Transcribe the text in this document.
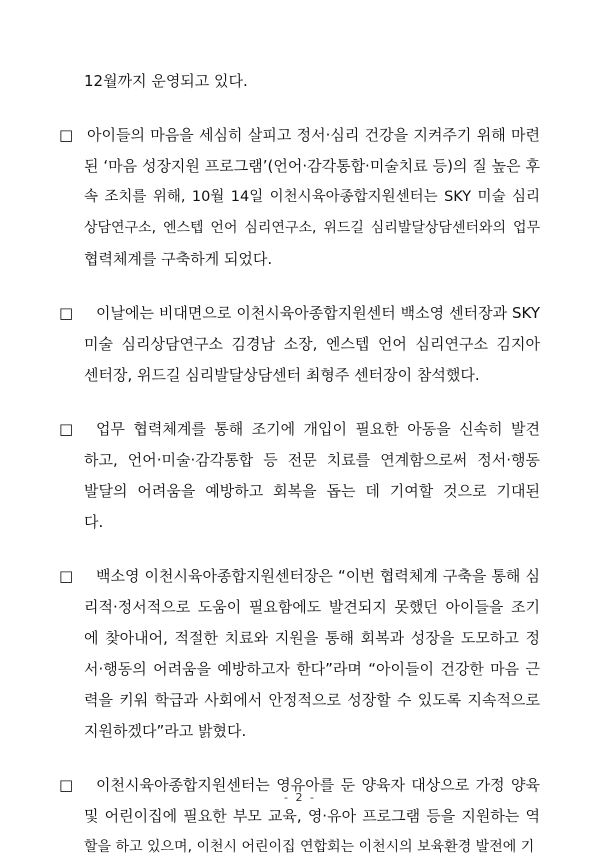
12월까지 운영되고 있다.
□ 아이들의 마음을 세심히 살피고 정서·심리 건강을 지켜주기 위해 마련
된 ‘마음 성장지원 프로그램’(언어·감각통합·미술치료 등)의 질 높은 후
속 조치를 위해, 10월 14일 이천시육아종합지원센터는 SKY 미술 심리
상담연구소, 엔스텝 언어 심리연구소, 위드길 심리발달상담센터와의 업무
협력체계를 구축하게 되었다.
□ 이날에는 비대면으로 이천시육아종합지원센터 백소영 센터장과 SKY
미술 심리상담연구소 김경남 소장, 엔스텝 언어 심리연구소 김지아
센터장, 위드길 심리발달상담센터 최형주 센터장이 참석했다.
□ 업무 협력체계를 통해 조기에 개입이 필요한 아동을 신속히 발견
하고, 언어·미술·감각통합 등 전문 치료를 연계함으로써 정서·행동
발달의 어려움을 예방하고 회복을 돕는 데 기여할 것으로 기대된
다.
□ 백소영 이천시육아종합지원센터장은 “이번 협력체계 구축을 통해 심
리적·정서적으로 도움이 필요함에도 발견되지 못했던 아이들을 조기
에 찾아내어, 적절한 치료와 지원을 통해 회복과 성장을 도모하고 정
서·행동의 어려움을 예방하고자 한다”라며 “아이들이 건강한 마음 근
력을 키워 학급과 사회에서 안정적으로 성장할 수 있도록 지속적으로
지원하겠다”라고 밝혔다.
□ 이천시육아종합지원센터는 영유아를 둔 양육자 대상으로 가정 양육
및 어린이집에 필요한 부모 교육, 영·유아 프로그램 등을 지원하는 역
할을 하고 있으며, 이천시 어린이집 연합회는 이천시의 보육환경 발전에 기
- 2 -
